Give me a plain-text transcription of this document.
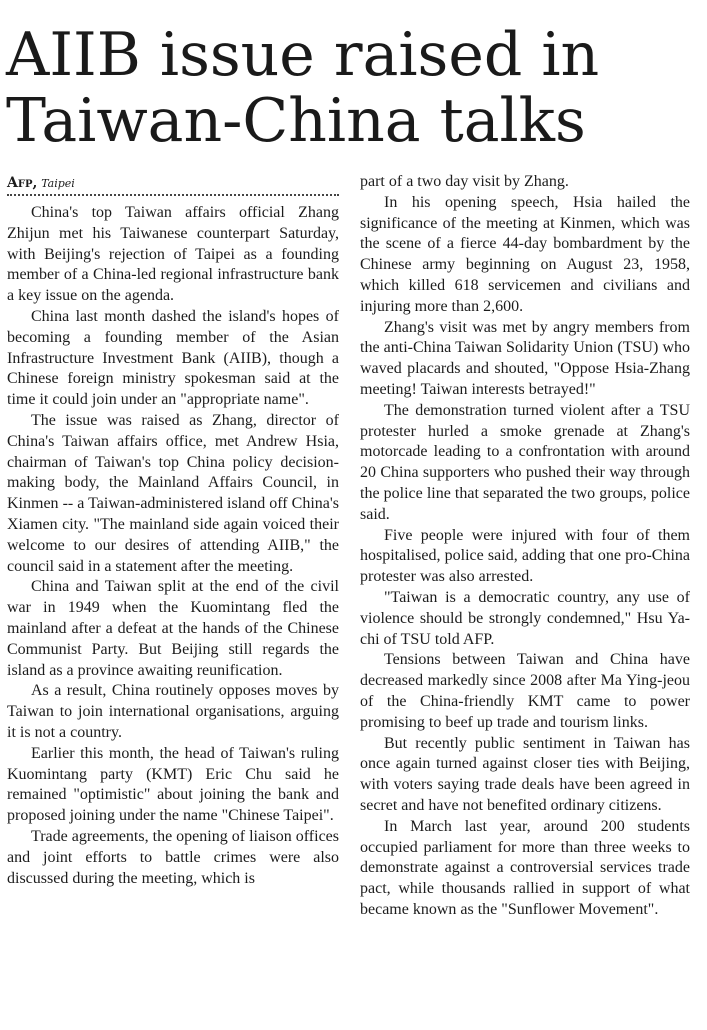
AIIB issue raised in
Taiwan-China talks
Afp, Taipei

China's top Taiwan affairs official Zhang Zhijun met his Taiwanese counterpart Saturday, with Beijing's rejection of Taipei as a founding member of a China-led regional infrastructure bank a key issue on the agenda.

China last month dashed the island's hopes of becoming a founding member of the Asian Infrastructure Investment Bank (AIIB), though a Chinese foreign ministry spokesman said at the time it could join under an "appropriate name".

The issue was raised as Zhang, director of China's Taiwan affairs office, met Andrew Hsia, chairman of Taiwan's top China policy decision-making body, the Mainland Affairs Council, in Kinmen -- a Taiwan-administered island off China's Xiamen city. "The mainland side again voiced their welcome to our desires of attending AIIB," the council said in a statement after the meeting.

China and Taiwan split at the end of the civil war in 1949 when the Kuomintang fled the mainland after a defeat at the hands of the Chinese Communist Party. But Beijing still regards the island as a province awaiting reunification.

As a result, China routinely opposes moves by Taiwan to join international organisations, arguing it is not a country.

Earlier this month, the head of Taiwan's ruling Kuomintang party (KMT) Eric Chu said he remained "optimistic" about joining the bank and proposed joining under the name "Chinese Taipei".

Trade agreements, the opening of liaison offices and joint efforts to battle crimes were also discussed during the meeting, which is

part of a two day visit by Zhang.

In his opening speech, Hsia hailed the significance of the meeting at Kinmen, which was the scene of a fierce 44-day bombardment by the Chinese army beginning on August 23, 1958, which killed 618 servicemen and civilians and injuring more than 2,600.

Zhang's visit was met by angry members from the anti-China Taiwan Solidarity Union (TSU) who waved placards and shouted, "Oppose Hsia-Zhang meeting! Taiwan interests betrayed!"

The demonstration turned violent after a TSU protester hurled a smoke grenade at Zhang's motorcade leading to a confrontation with around 20 China supporters who pushed their way through the police line that separated the two groups, police said.

Five people were injured with four of them hospitalised, police said, adding that one pro-China protester was also arrested.

"Taiwan is a democratic country, any use of violence should be strongly condemned," Hsu Ya-chi of TSU told AFP.

Tensions between Taiwan and China have decreased markedly since 2008 after Ma Ying-jeou of the China-friendly KMT came to power promising to beef up trade and tourism links.

But recently public sentiment in Taiwan has once again turned against closer ties with Beijing, with voters saying trade deals have been agreed in secret and have not benefited ordinary citizens.

In March last year, around 200 students occupied parliament for more than three weeks to demonstrate against a controversial services trade pact, while thousands rallied in support of what became known as the "Sunflower Movement".
